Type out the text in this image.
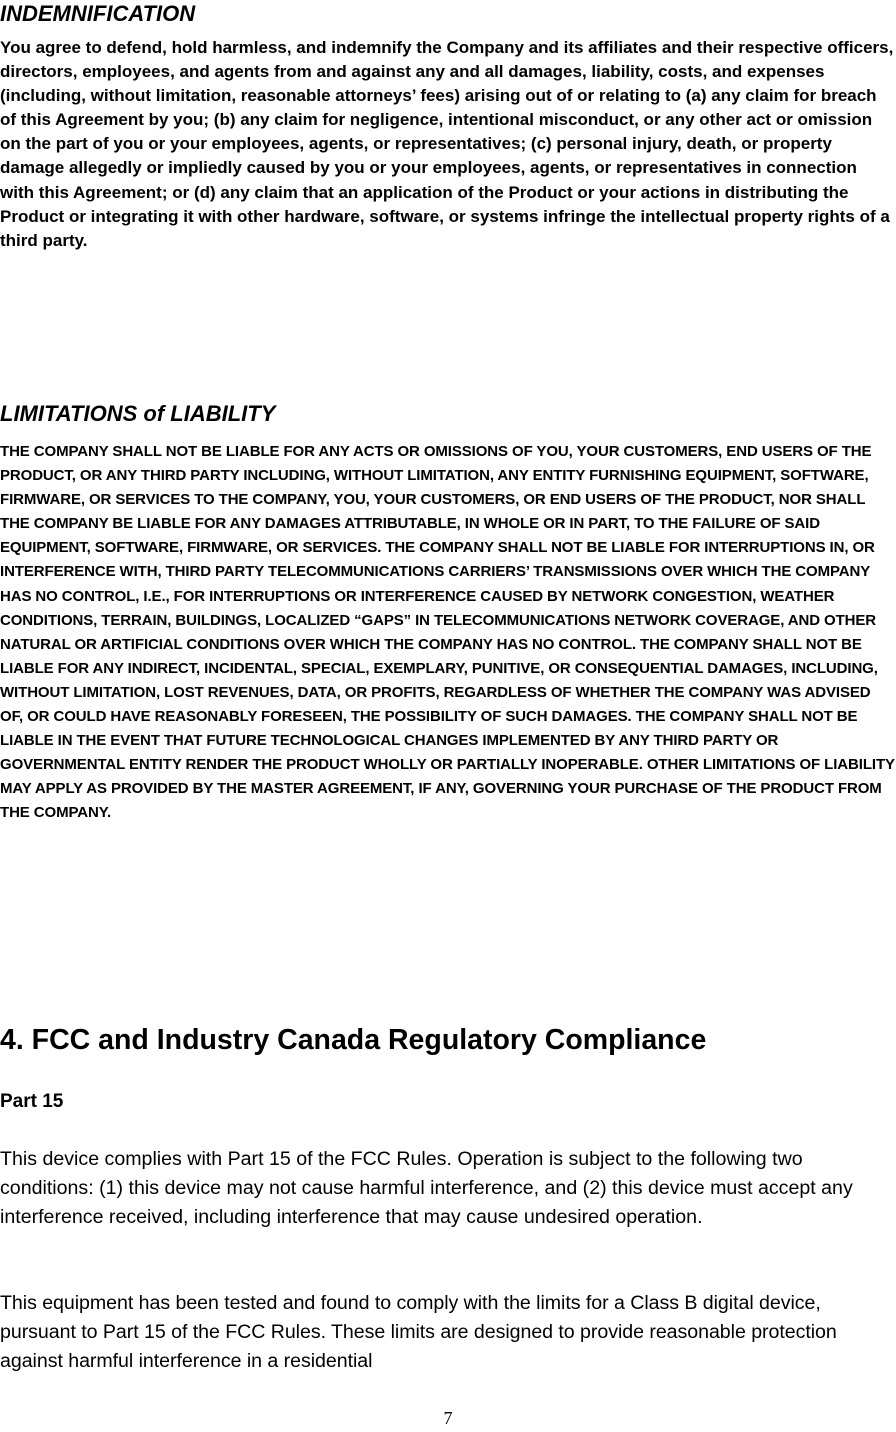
INDEMNIFICATION

You agree to defend, hold harmless, and indemnify the Company and its affiliates and their respective officers, directors, employees, and agents from and against any and all damages, liability, costs, and expenses (including, without limitation, reasonable attorneys’ fees) arising out of or relating to (a) any claim for breach of this Agreement by you; (b) any claim for negligence, intentional misconduct, or any other act or omission on the part of you or your employees, agents, or representatives; (c) personal injury, death, or property damage allegedly or impliedly caused by you or your employees, agents, or representatives in connection with this Agreement; or (d) any claim that an application of the Product or your actions in distributing the Product or integrating it with other hardware, software, or systems infringe the intellectual property rights of a third party.

LIMITATIONS of LIABILITY

THE COMPANY SHALL NOT BE LIABLE FOR ANY ACTS OR OMISSIONS OF YOU, YOUR CUSTOMERS, END USERS OF THE PRODUCT, OR ANY THIRD PARTY INCLUDING, WITHOUT LIMITATION, ANY ENTITY FURNISHING EQUIPMENT, SOFTWARE, FIRMWARE, OR SERVICES TO THE COMPANY, YOU, YOUR CUSTOMERS, OR END USERS OF THE PRODUCT, NOR SHALL THE COMPANY BE LIABLE FOR ANY DAMAGES ATTRIBUTABLE, IN WHOLE OR IN PART, TO THE FAILURE OF SAID EQUIPMENT, SOFTWARE, FIRMWARE, OR SERVICES. THE COMPANY SHALL NOT BE LIABLE FOR INTERRUPTIONS IN, OR INTERFERENCE WITH, THIRD PARTY TELECOMMUNICATIONS CARRIERS’ TRANSMISSIONS OVER WHICH THE COMPANY HAS NO CONTROL, I.E., FOR INTERRUPTIONS OR INTERFERENCE CAUSED BY NETWORK CONGESTION, WEATHER CONDITIONS, TERRAIN, BUILDINGS, LOCALIZED “GAPS” IN TELECOMMUNICATIONS NETWORK COVERAGE, AND OTHER NATURAL OR ARTIFICIAL CONDITIONS OVER WHICH THE COMPANY HAS NO CONTROL. THE COMPANY SHALL NOT BE LIABLE FOR ANY INDIRECT, INCIDENTAL, SPECIAL, EXEMPLARY, PUNITIVE, OR CONSEQUENTIAL DAMAGES, INCLUDING, WITHOUT LIMITATION, LOST REVENUES, DATA, OR PROFITS, REGARDLESS OF WHETHER THE COMPANY WAS ADVISED OF, OR COULD HAVE REASONABLY FORESEEN, THE POSSIBILITY OF SUCH DAMAGES. THE COMPANY SHALL NOT BE LIABLE IN THE EVENT THAT FUTURE TECHNOLOGICAL CHANGES IMPLEMENTED BY ANY THIRD PARTY OR GOVERNMENTAL ENTITY RENDER THE PRODUCT WHOLLY OR PARTIALLY INOPERABLE. OTHER LIMITATIONS OF LIABILITY MAY APPLY AS PROVIDED BY THE MASTER AGREEMENT, IF ANY, GOVERNING YOUR PURCHASE OF THE PRODUCT FROM THE COMPANY.

4. FCC and Industry Canada Regulatory Compliance
Part 15

This device complies with Part 15 of the FCC Rules. Operation is subject to the following two conditions: (1) this device may not cause harmful interference, and (2) this device must accept any interference received, including interference that may cause undesired operation.

This equipment has been tested and found to comply with the limits for a Class B digital device, pursuant to Part 15 of the FCC Rules. These limits are designed to provide reasonable protection against harmful interference in a residential

7
